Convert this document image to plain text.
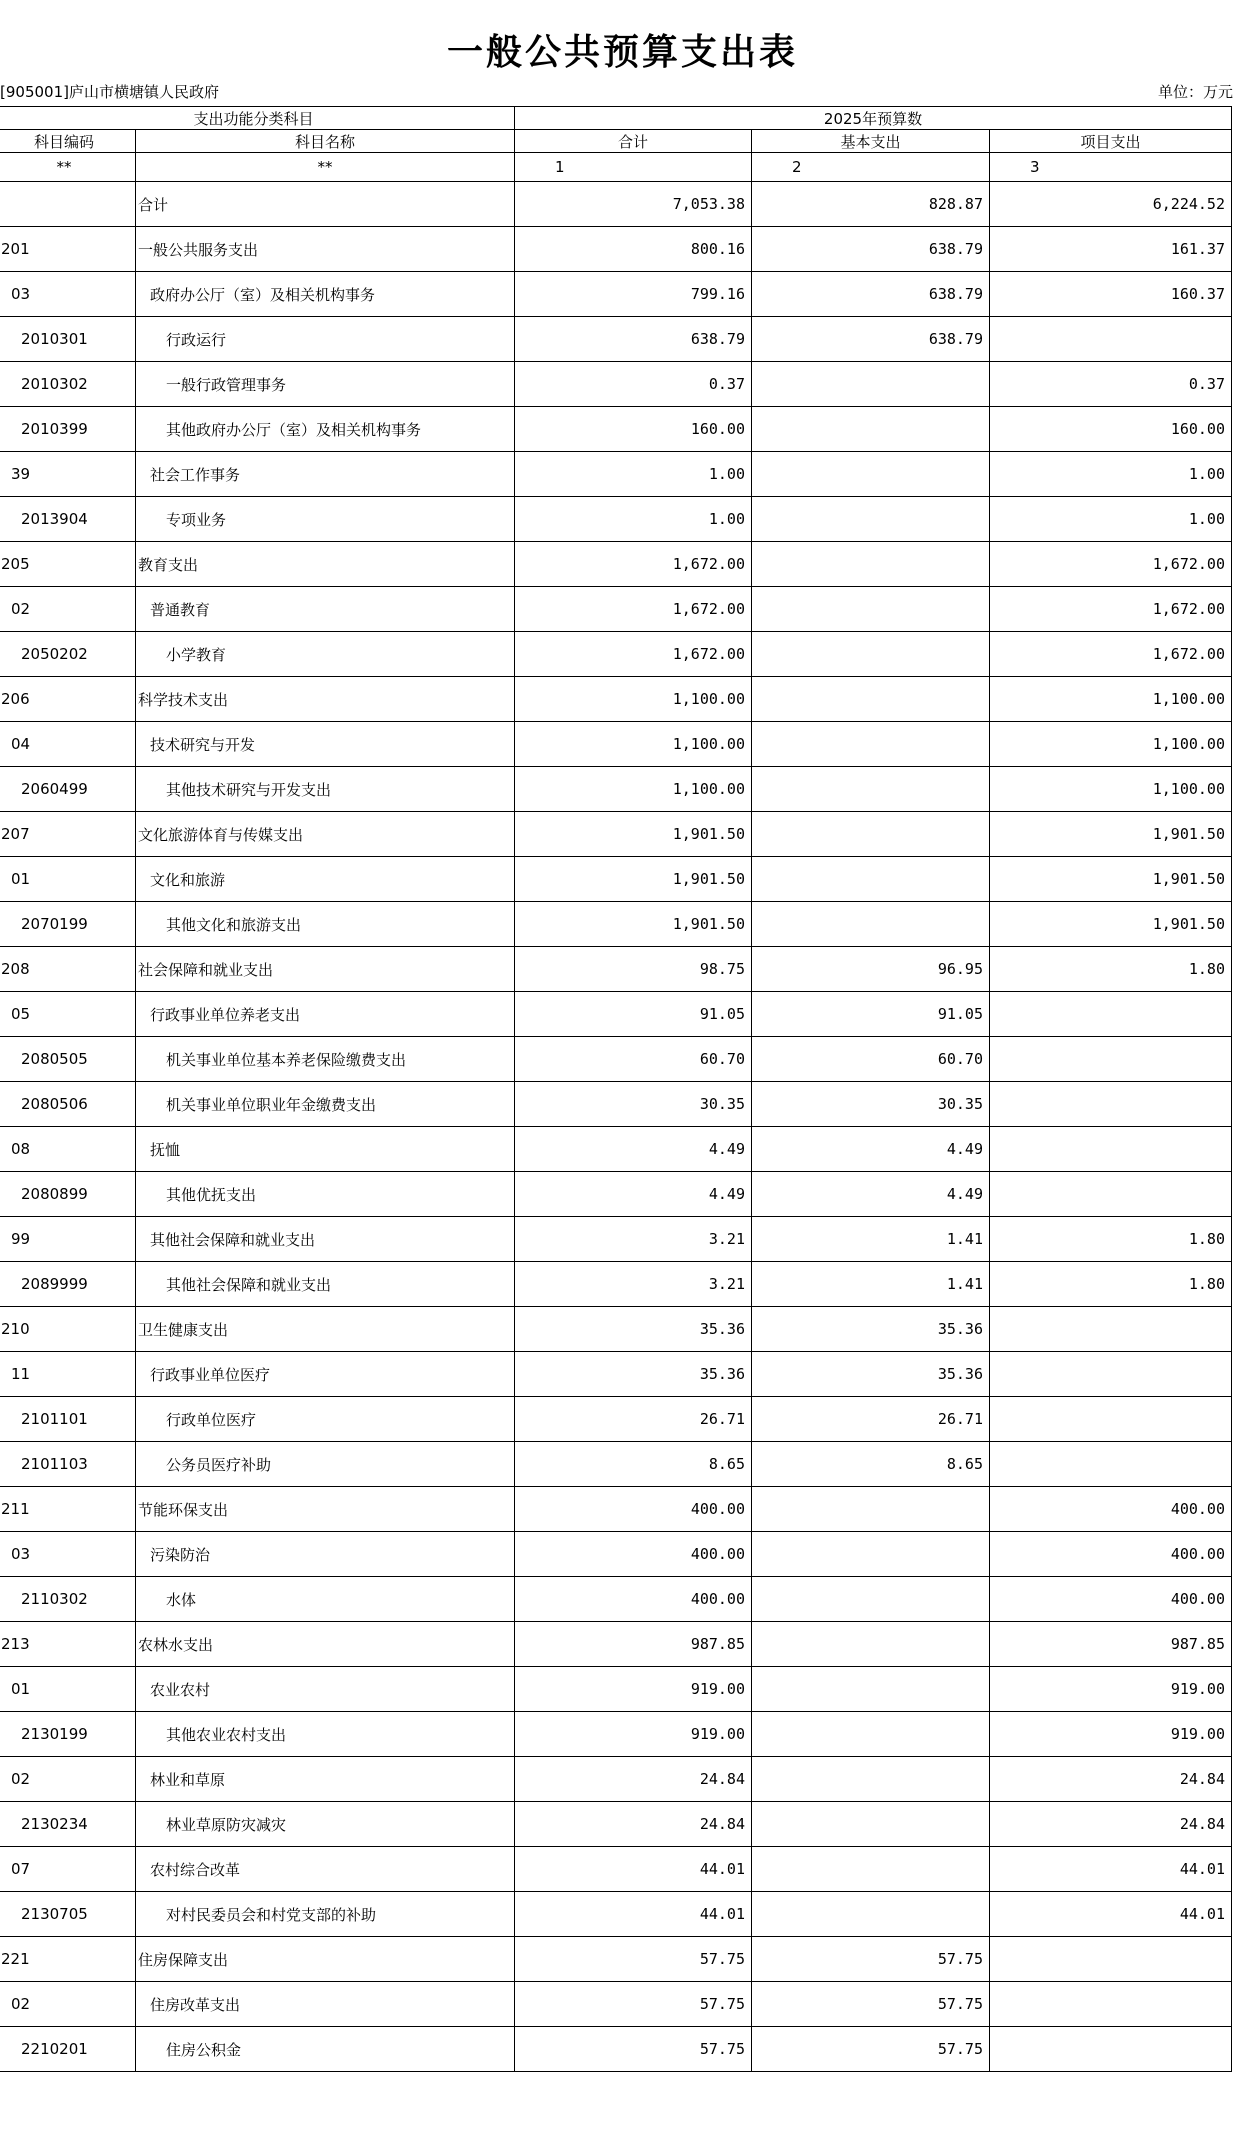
一般公共预算支出表
[905001]庐山市横塘镇人民政府	单位：万元
支出功能分类科目		2025年预算数		
科目编码	科目名称	合计	基本支出	项目支出
**	**	1	2	3
	合计	7,053.38	828.87	6,224.52
201	一般公共服务支出	800.16	638.79	161.37
03	政府办公厅（室）及相关机构事务	799.16	638.79	160.37
2010301	行政运行	638.79	638.79	
2010302	一般行政管理事务	0.37		0.37
2010399	其他政府办公厅（室）及相关机构事务	160.00		160.00
39	社会工作事务	1.00		1.00
2013904	专项业务	1.00		1.00
205	教育支出	1,672.00		1,672.00
02	普通教育	1,672.00		1,672.00
2050202	小学教育	1,672.00		1,672.00
206	科学技术支出	1,100.00		1,100.00
04	技术研究与开发	1,100.00		1,100.00
2060499	其他技术研究与开发支出	1,100.00		1,100.00
207	文化旅游体育与传媒支出	1,901.50		1,901.50
01	文化和旅游	1,901.50		1,901.50
2070199	其他文化和旅游支出	1,901.50		1,901.50
208	社会保障和就业支出	98.75	96.95	1.80
05	行政事业单位养老支出	91.05	91.05	
2080505	机关事业单位基本养老保险缴费支出	60.70	60.70	
2080506	机关事业单位职业年金缴费支出	30.35	30.35	
08	抚恤	4.49	4.49	
2080899	其他优抚支出	4.49	4.49	
99	其他社会保障和就业支出	3.21	1.41	1.80
2089999	其他社会保障和就业支出	3.21	1.41	1.80
210	卫生健康支出	35.36	35.36	
11	行政事业单位医疗	35.36	35.36	
2101101	行政单位医疗	26.71	26.71	
2101103	公务员医疗补助	8.65	8.65	
211	节能环保支出	400.00		400.00
03	污染防治	400.00		400.00
2110302	水体	400.00		400.00
213	农林水支出	987.85		987.85
01	农业农村	919.00		919.00
2130199	其他农业农村支出	919.00		919.00
02	林业和草原	24.84		24.84
2130234	林业草原防灾减灾	24.84		24.84
07	农村综合改革	44.01		44.01
2130705	对村民委员会和村党支部的补助	44.01		44.01
221	住房保障支出	57.75	57.75	
02	住房改革支出	57.75	57.75	
2210201	住房公积金	57.75	57.75	
